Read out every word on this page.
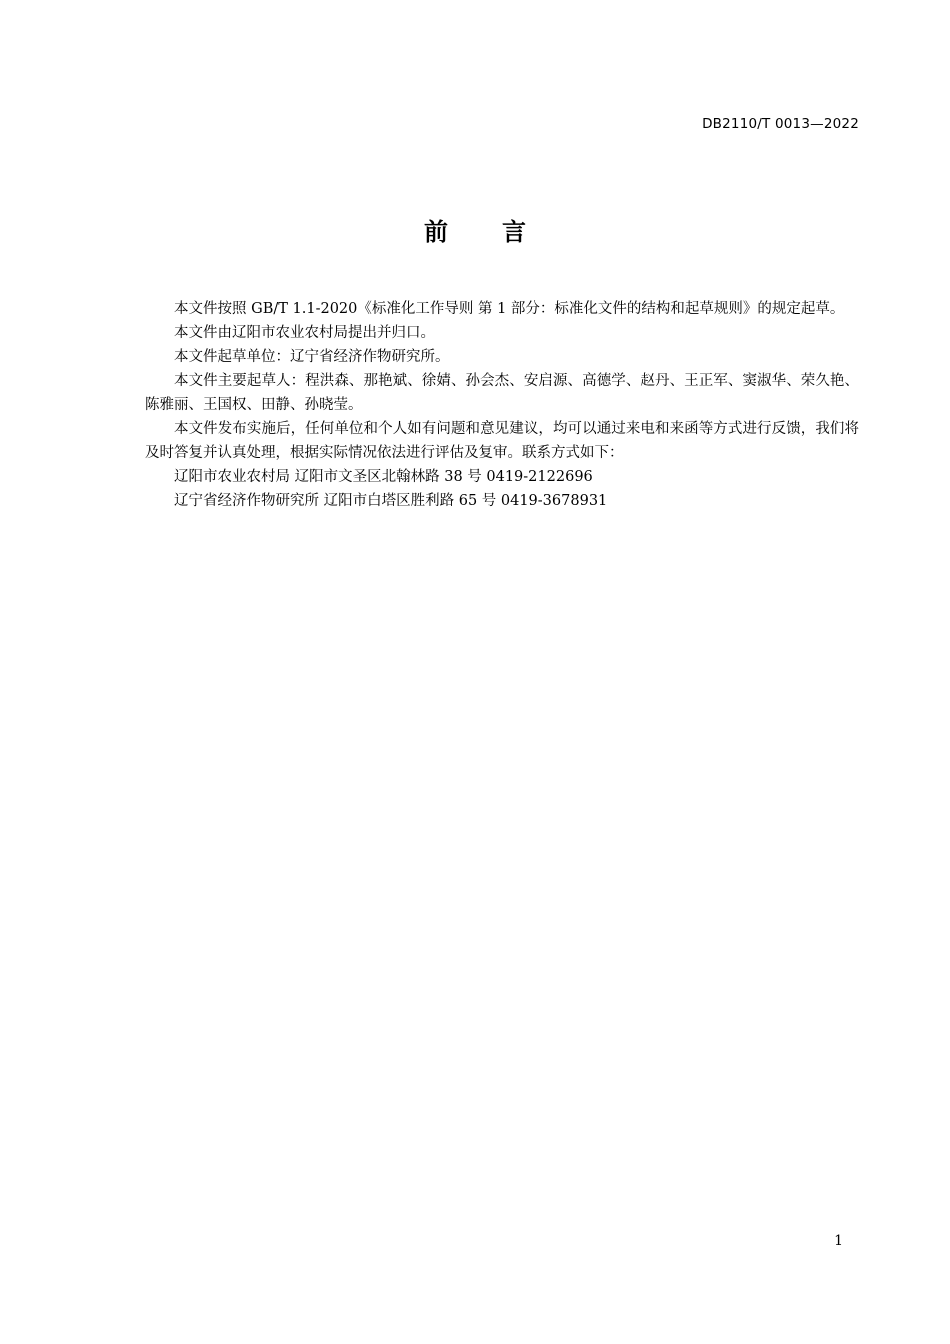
DB2110/T 0013—2022
前言

本文件按照 GB/T 1.1-2020《标准化工作导则 第 1 部分：标准化文件的结构和起草规则》的规定起草。

本文件由辽阳市农业农村局提出并归口。

本文件起草单位：辽宁省经济作物研究所。

本文件主要起草人：程洪森、那艳斌、徐婧、孙会杰、安启源、高德学、赵丹、王正军、窦淑华、荣久艳、陈雅丽、王国权、田静、孙晓莹。

本文件发布实施后，任何单位和个人如有问题和意见建议，均可以通过来电和来函等方式进行反馈，我们将及时答复并认真处理，根据实际情况依法进行评估及复审。联系方式如下：

辽阳市农业农村局 辽阳市文圣区北翰林路 38 号 0419-2122696

辽宁省经济作物研究所 辽阳市白塔区胜利路 65 号 0419-3678931

1
